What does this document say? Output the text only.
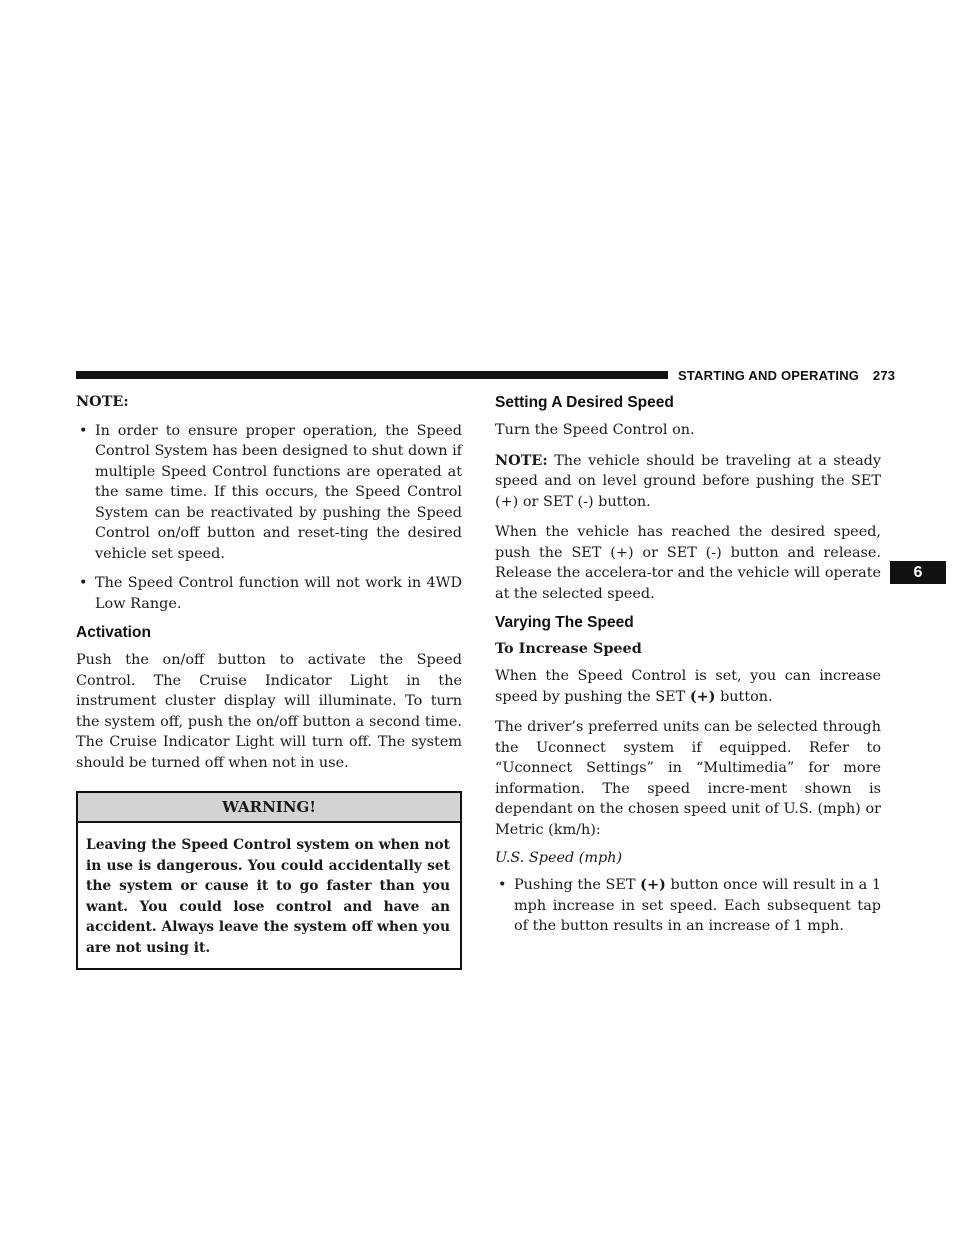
STARTING AND OPERATING 273
6

NOTE:

• In order to ensure proper operation, the Speed Control System has been designed to shut down if multiple Speed Control functions are operated at the same time. If this occurs, the Speed Control System can be reactivated by pushing the Speed Control on/off button and reset-ting the desired vehicle set speed.
• The Speed Control function will not work in 4WD Low Range.
Activation

Push the on/off button to activate the Speed Control. The Cruise Indicator Light in the instrument cluster display will illuminate. To turn the system off, push the on/off button a second time. The Cruise Indicator Light will turn off. The system should be turned off when not in use.

WARNING!
Leaving the Speed Control system on when not in use is dangerous. You could accidentally set the system or cause it to go faster than you want. You could lose control and have an accident. Always leave the system off when you are not using it.
Setting A Desired Speed

Turn the Speed Control on.

NOTE: The vehicle should be traveling at a steady speed and on level ground before pushing the SET (+) or SET (-) button.

When the vehicle has reached the desired speed, push the SET (+) or SET (-) button and release. Release the accelera-tor and the vehicle will operate at the selected speed.

Varying The Speed
To Increase Speed

When the Speed Control is set, you can increase speed by pushing the SET (+) button.

The driver’s preferred units can be selected through the Uconnect system if equipped. Refer to “Uconnect Settings” in “Multimedia” for more information. The speed incre-ment shown is dependant on the chosen speed unit of U.S. (mph) or Metric (km/h):

U.S. Speed (mph)
• Pushing the SET (+) button once will result in a 1 mph increase in set speed. Each subsequent tap of the button results in an increase of 1 mph.
